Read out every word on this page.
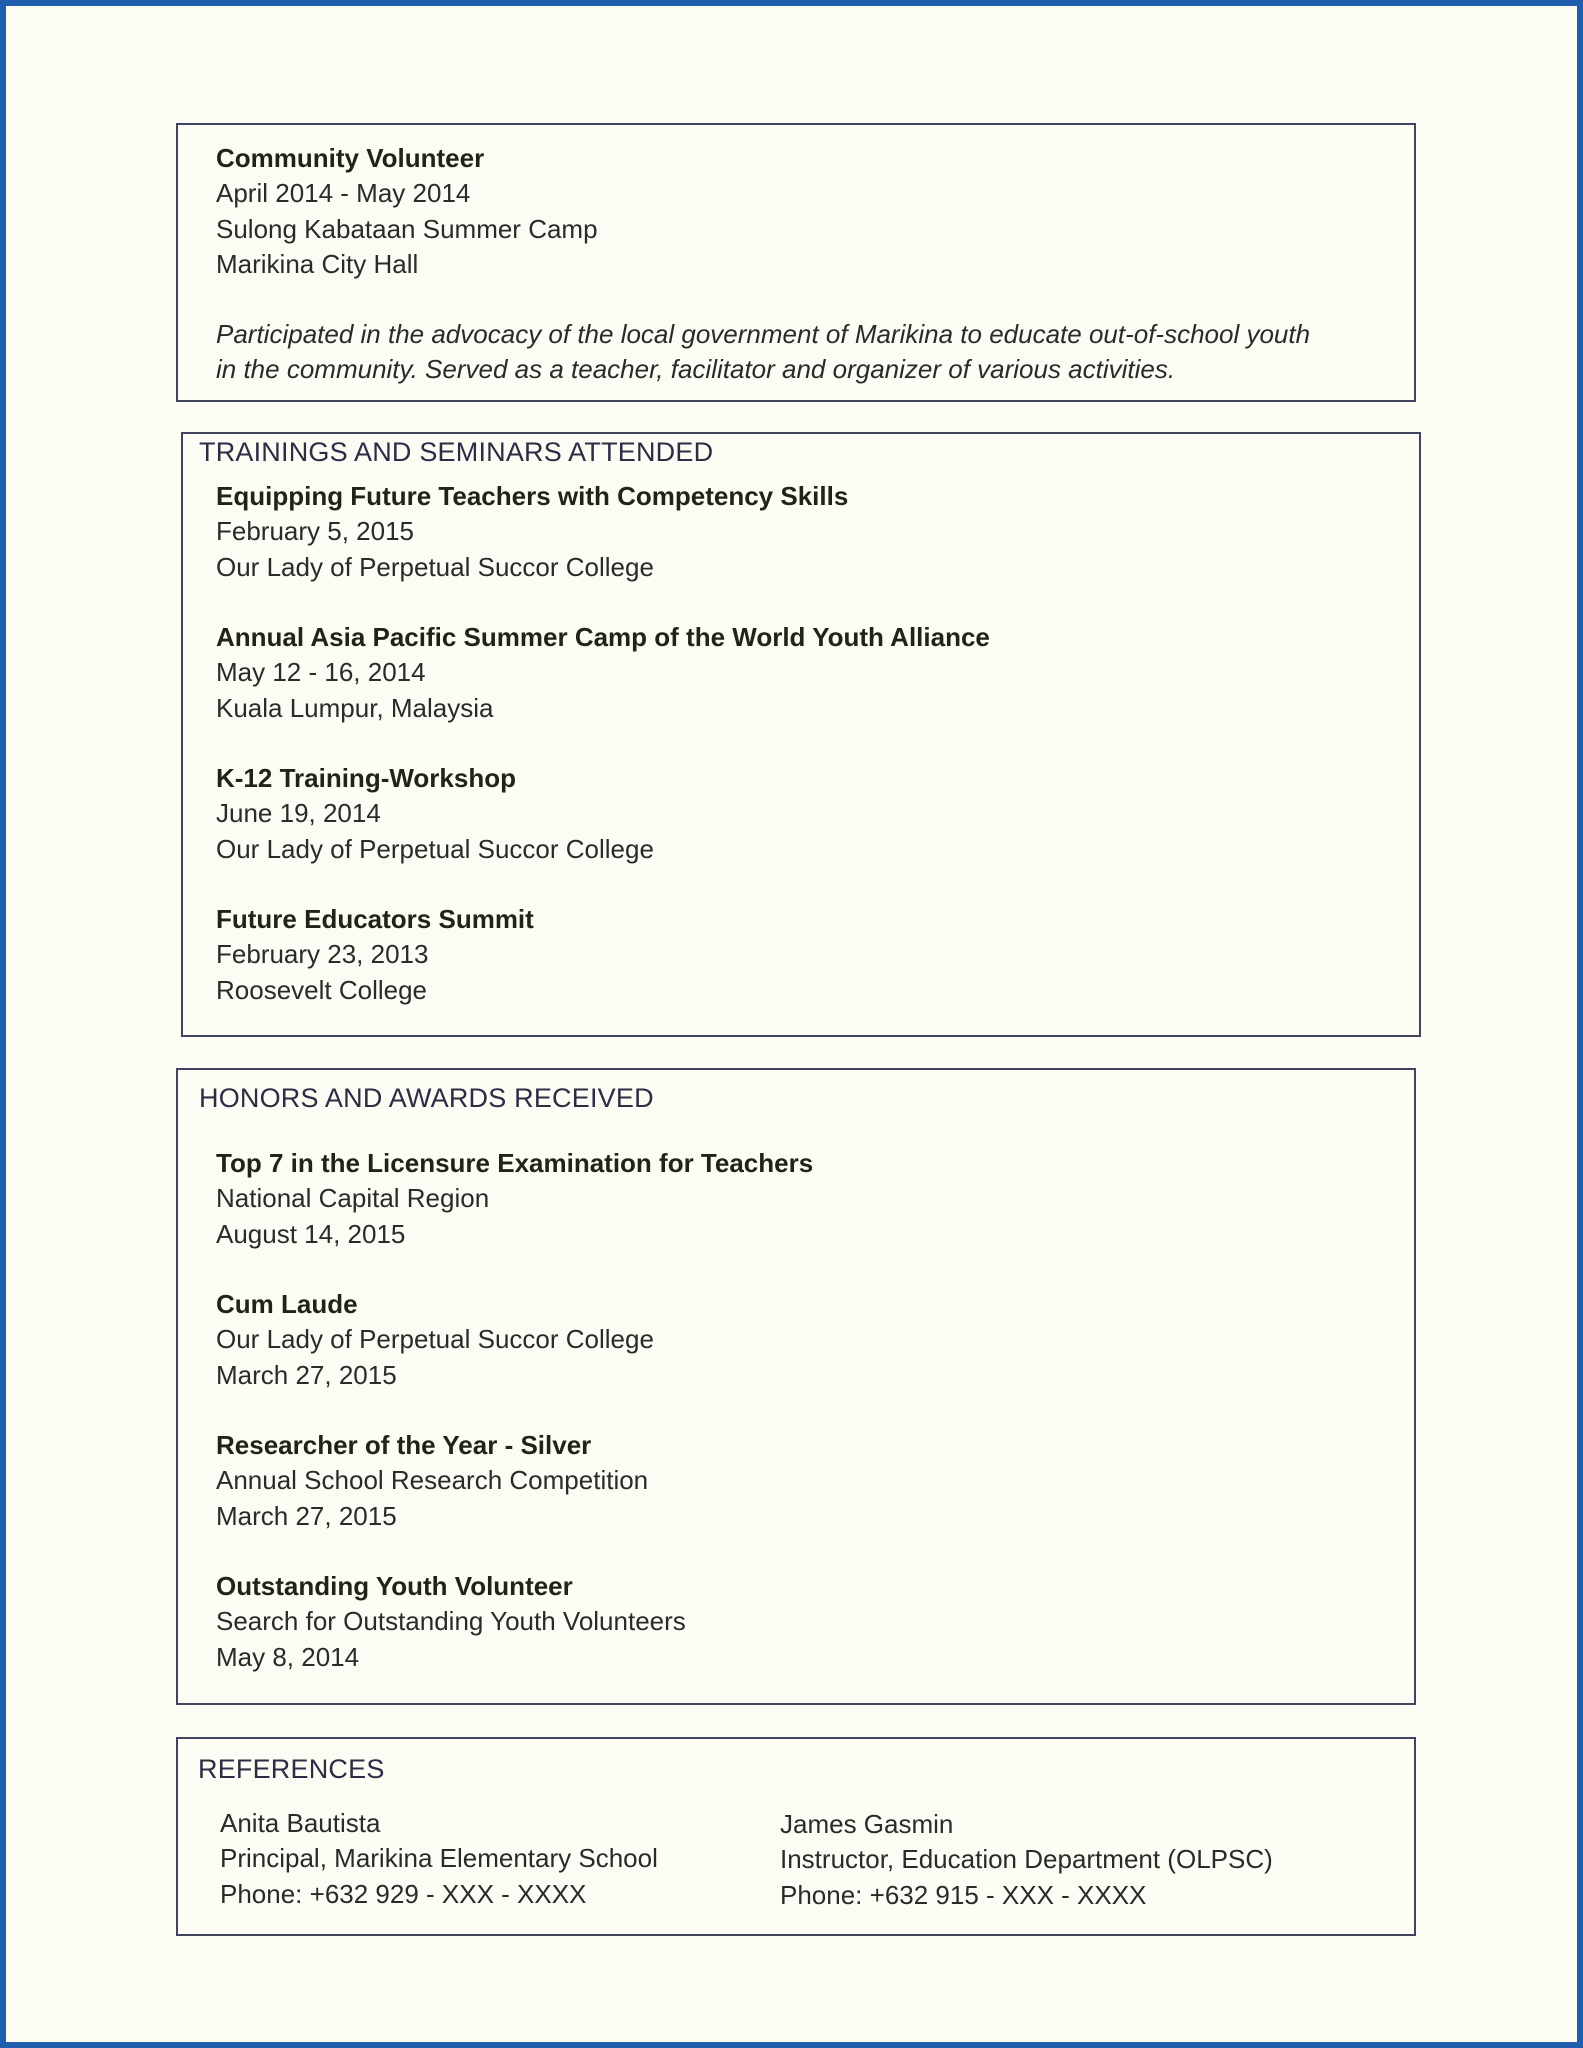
Community Volunteer
April 2014 - May 2014
Sulong Kabataan Summer Camp
Marikina City Hall
Participated in the advocacy of the local government of Marikina to educate out-of-school youth
in the community. Served as a teacher, facilitator and organizer of various activities.
TRAININGS AND SEMINARS ATTENDED
Equipping Future Teachers with Competency Skills
February 5, 2015
Our Lady of Perpetual Succor College
Annual Asia Pacific Summer Camp of the World Youth Alliance
May 12 - 16, 2014
Kuala Lumpur, Malaysia
K-12 Training-Workshop
June 19, 2014
Our Lady of Perpetual Succor College
Future Educators Summit
February 23, 2013
Roosevelt College
HONORS AND AWARDS RECEIVED
Top 7 in the Licensure Examination for Teachers
National Capital Region
August 14, 2015
Cum Laude
Our Lady of Perpetual Succor College
March 27, 2015
Researcher of the Year - Silver
Annual School Research Competition
March 27, 2015
Outstanding Youth Volunteer
Search for Outstanding Youth Volunteers
May 8, 2014
REFERENCES
Anita Bautista
Principal, Marikina Elementary School
Phone: +632 929 - XXX - XXXX
James Gasmin
Instructor, Education Department (OLPSC)
Phone: +632 915 - XXX - XXXX
